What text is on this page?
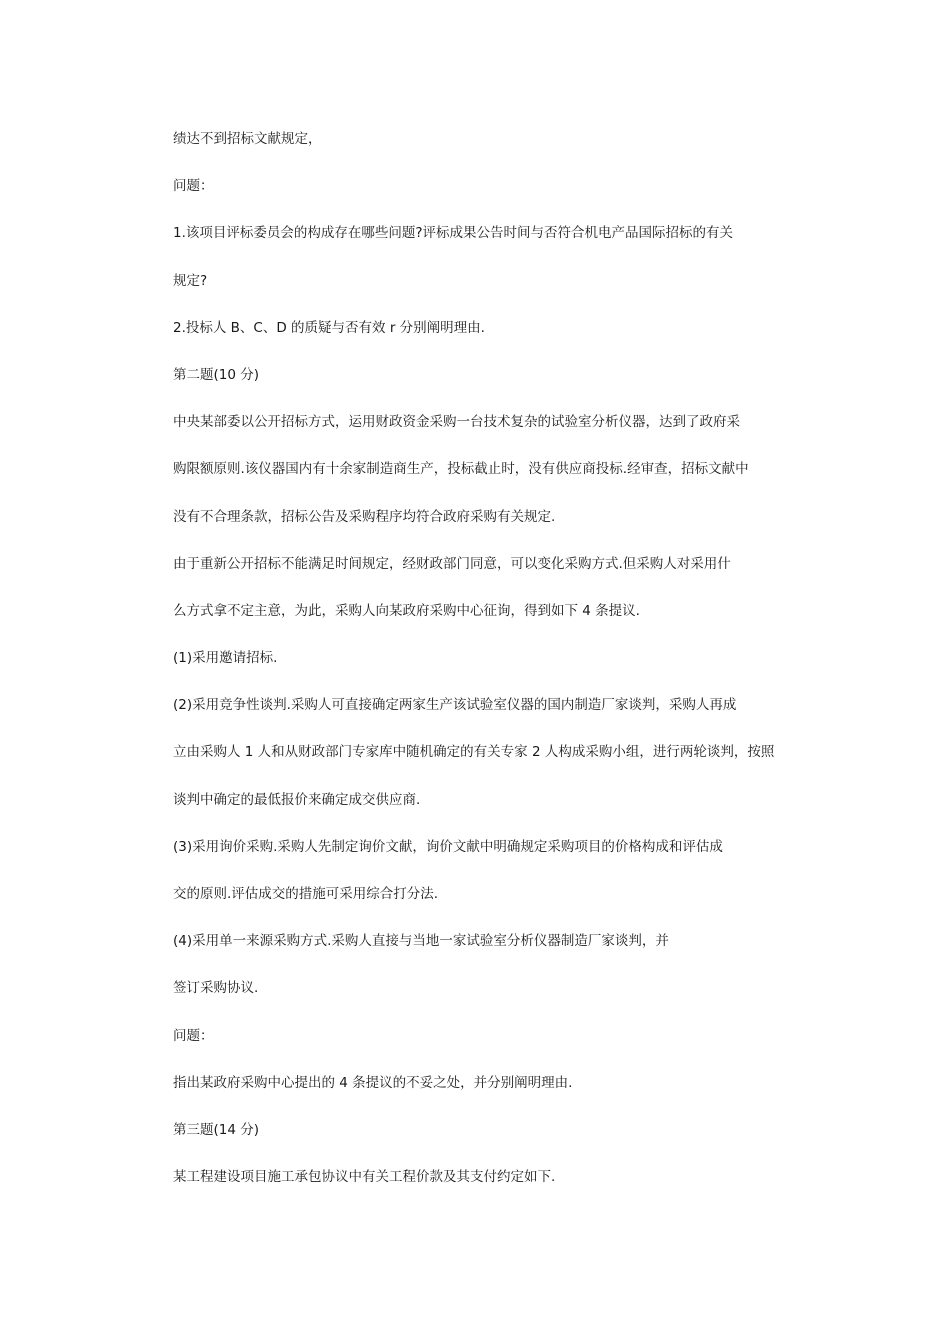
绩达不到招标文献规定，
问题：
1.该项目评标委员会的构成存在哪些问题?评标成果公告时间与否符合机电产品国际招标的有关
规定?
2.投标人 B、C、D 的质疑与否有效 r 分别阐明理由.
第二题(10 分)
中央某部委以公开招标方式，运用财政资金采购一台技术复杂的试验室分析仪器，达到了政府采
购限额原则.该仪器国内有十余家制造商生产，投标截止时，没有供应商投标.经审查，招标文献中
没有不合理条款，招标公告及采购程序均符合政府采购有关规定.
由于重新公开招标不能满足时间规定，经财政部门同意，可以变化采购方式.但采购人对采用什
么方式拿不定主意，为此，采购人向某政府采购中心征询，得到如下 4 条提议.
(1)采用邀请招标.
(2)采用竞争性谈判.采购人可直接确定两家生产该试验室仪器的国内制造厂家谈判，采购人再成
立由采购人 1 人和从财政部门专家库中随机确定的有关专家 2 人构成采购小组，进行两轮谈判，按照
谈判中确定的最低报价来确定成交供应商.
(3)采用询价采购.采购人先制定询价文献，询价文献中明确规定采购项目的价格构成和评估成
交的原则.评估成交的措施可采用综合打分法.
(4)采用单一来源采购方式.采购人直接与当地一家试验室分析仪器制造厂家谈判，并
签订采购协议.
问题：
指出某政府采购中心提出的 4 条提议的不妥之处，并分别阐明理由.
第三题(14 分)
某工程建设项目施工承包协议中有关工程价款及其支付约定如下.
